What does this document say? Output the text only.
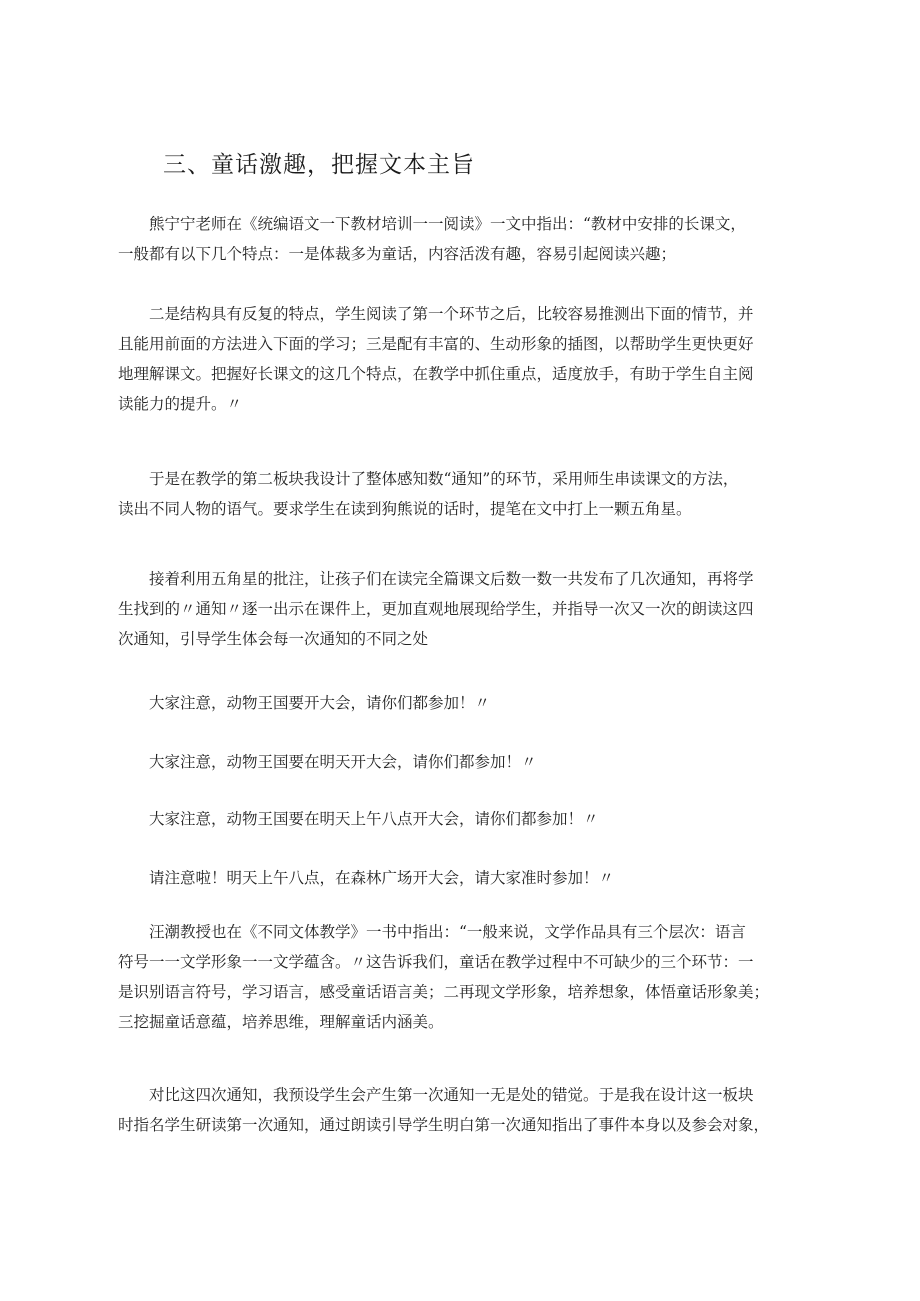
三、童话激趣，把握文本主旨
熊宁宁老师在《统编语文一下教材培训一一阅读》一文中指出：“教材中安排的长课文，
一般都有以下几个特点：一是体裁多为童话，内容活泼有趣，容易引起阅读兴趣；
二是结构具有反复的特点，学生阅读了第一个环节之后，比较容易推测出下面的情节，并
且能用前面的方法进入下面的学习；三是配有丰富的、生动形象的插图，以帮助学生更快更好
地理解课文。把握好长课文的这几个特点，在教学中抓住重点，适度放手，有助于学生自主阅
读能力的提升。〃
于是在教学的第二板块我设计了整体感知数“通知”的环节，采用师生串读课文的方法，
读出不同人物的语气。要求学生在读到狗熊说的话时，提笔在文中打上一颗五角星。
接着利用五角星的批注，让孩子们在读完全篇课文后数一数一共发布了几次通知，再将学
生找到的〃通知〃逐一出示在课件上，更加直观地展现给学生，并指导一次又一次的朗读这四
次通知，引导学生体会每一次通知的不同之处
大家注意，动物王国要开大会，请你们都参加！〃
大家注意，动物王国要在明天开大会，请你们都参加！〃
大家注意，动物王国要在明天上午八点开大会，请你们都参加！〃
请注意啦！明天上午八点，在森林广场开大会，请大家准时参加！〃
汪潮教授也在《不同文体教学》一书中指出：“一般来说，文学作品具有三个层次：语言
符号一一文学形象一一文学蕴含。〃这告诉我们，童话在教学过程中不可缺少的三个环节：一
是识别语言符号，学习语言，感受童话语言美；二再现文学形象，培养想象，体悟童话形象美；
三挖掘童话意蕴，培养思维，理解童话内涵美。
对比这四次通知，我预设学生会产生第一次通知一无是处的错觉。于是我在设计这一板块
时指名学生研读第一次通知，通过朗读引导学生明白第一次通知指出了事件本身以及参会对象，
